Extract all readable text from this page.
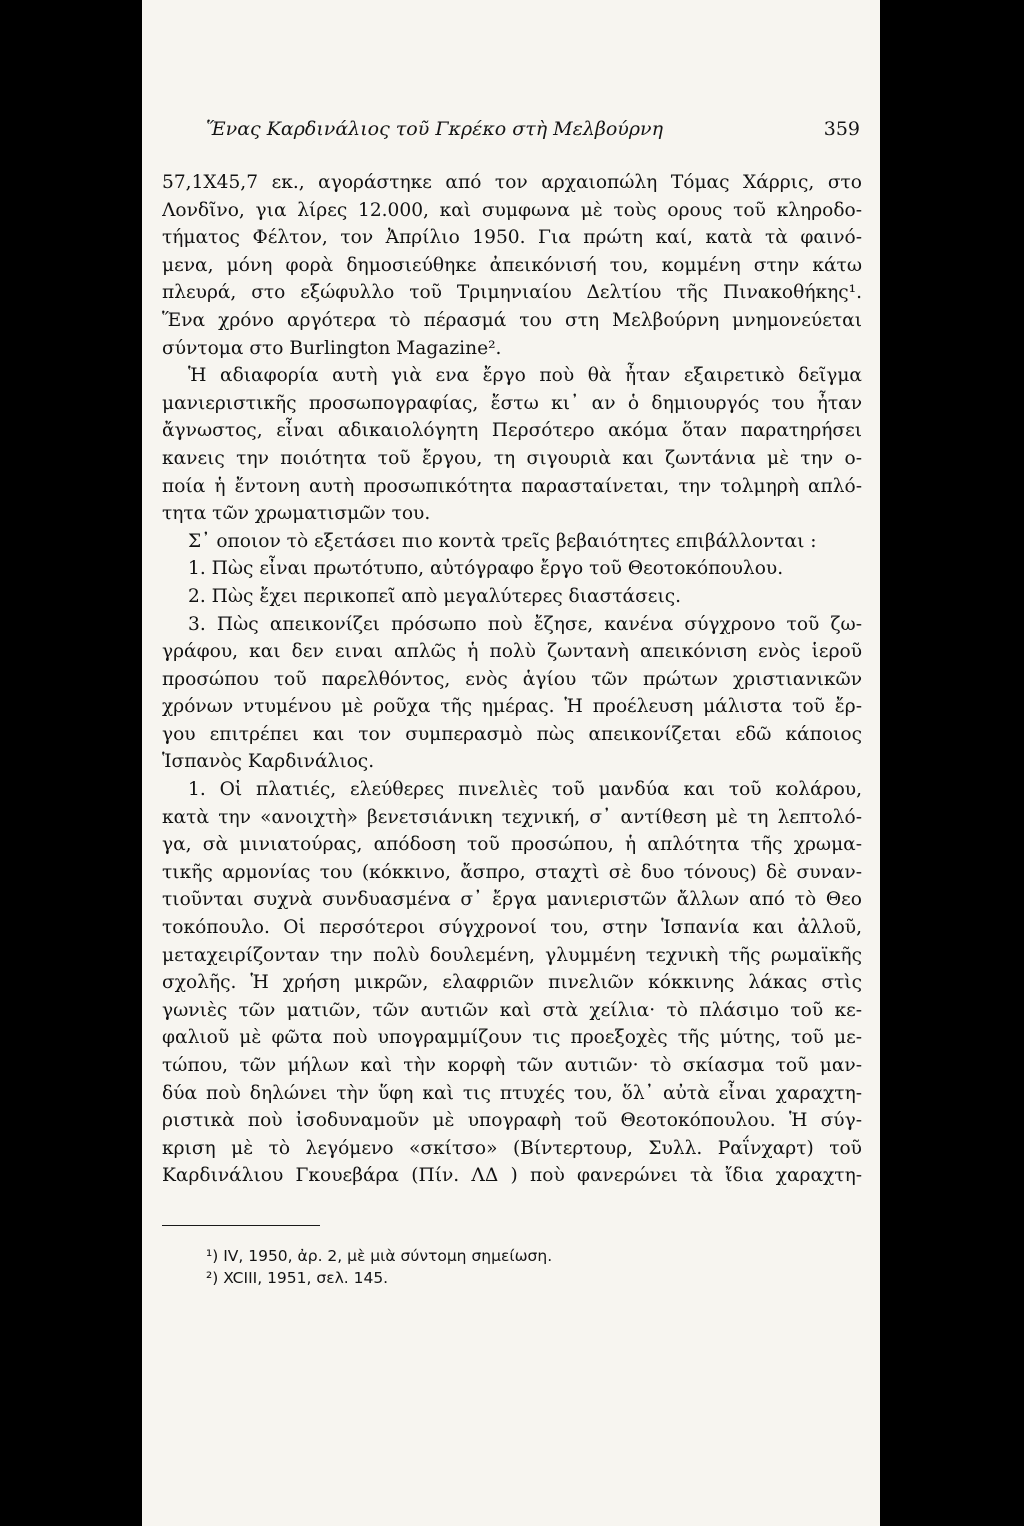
Ἕνας Καρδινάλιος τοῦ Γκρέκο στὴ Μελβούρνη	359
57,1X45,7 εκ., αγοράστηκε από τον αρχαιοπώλη Τόμας Χάρρις, στο
Λονδῖνο, για λίρες 12.000, καὶ συμφωνα μὲ τοὺς ορους τοῦ κληροδο-
τήματος Φέλτον, τον Ἀπρίλιο 1950. Για πρώτη καί, κατὰ τὰ φαινό-
μενα, μόνη φορὰ δημοσιεύθηκε ἀπεικόνισή του, κομμένη στην κάτω
πλευρά, στο εξώφυλλο τοῦ Τριμηνιαίου Δελτίου τῆς Πινακοθήκης¹.
Ἕνα χρόνο αργότερα τὸ πέρασμά του στη Μελβούρνη μνημονεύεται
σύντομα στο Burlington Magazine².
Ἡ αδιαφορία αυτὴ γιὰ ενα ἔργο ποὺ θὰ ἦταν εξαιρετικὸ δεῖγμα
μανιεριστικῆς προσωπογραφίας, ἔστω κι᾽ αν ὁ δημιουργός του ἦταν
ἄγνωστος, εἶναι αδικαιολόγητη Περσότερο ακόμα ὅταν παρατηρήσει
κανεις την ποιότητα τοῦ ἔργου, τη σιγουριὰ και ζωντάνια μὲ την ο-
ποία ἡ ἔντονη αυτὴ προσωπικότητα παρασταίνεται, την τολμηρὴ απλό-
τητα τῶν χρωματισμῶν του.
Σ᾽ οποιον τὸ εξετάσει πιο κοντὰ τρεῖς βεβαιότητες επιβάλλονται :
1. Πὼς εἶναι πρωτότυπο, αὐτόγραφο ἔργο τοῦ Θεοτοκόπουλου.
2. Πὼς ἔχει περικοπεῖ απὸ μεγαλύτερες διαστάσεις.
3. Πὼς απεικονίζει πρόσωπο ποὺ ἔζησε, κανένα σύγχρονο τοῦ ζω-
γράφου, και δεν ειναι απλῶς ἡ πολὺ ζωντανὴ απεικόνιση ενὸς ἱεροῦ
προσώπου τοῦ παρελθόντος, ενὸς ἁγίου τῶν πρώτων χριστιανικῶν
χρόνων ντυμένου μὲ ροῦχα τῆς ημέρας. Ἡ προέλευση μάλιστα τοῦ ἔρ-
γου επιτρέπει και τον συμπερασμὸ πὼς απεικονίζεται εδῶ κάποιος
Ἱσπανὸς Καρδινάλιος.
1. Οἱ πλατιές, ελεύθερες πινελιὲς τοῦ μανδύα και τοῦ κολάρου,
κατὰ την «ανοιχτὴ» βενετσιάνικη τεχνική, σ᾽ αντίθεση μὲ τη λεπτολό-
γα, σὰ μινιατούρας, απόδοση τοῦ προσώπου, ἡ απλότητα τῆς χρωμα-
τικῆς αρμονίας του (κόκκινο, ἄσπρο, σταχτὶ σὲ δυο τόνους) δὲ συναν-
τιοῦνται συχνὰ συνδυασμένα σ᾽ ἔργα μανιεριστῶν ἄλλων από τὸ Θεο
τοκόπουλο. Οἱ περσότεροι σύγχρονοί του, στην Ἱσπανία και ἀλλοῦ,
μεταχειρίζονταν την πολὺ δουλεμένη, γλυμμένη τεχνικὴ τῆς ρωμαϊκῆς
σχολῆς. Ἡ χρήση μικρῶν, ελαφριῶν πινελιῶν κόκκινης λάκας στὶς
γωνιὲς τῶν ματιῶν, τῶν αυτιῶν καὶ στὰ χείλια· τὸ πλάσιμο τοῦ κε-
φαλιοῦ μὲ φῶτα ποὺ υπογραμμίζουν τις προεξοχὲς τῆς μύτης, τοῦ με-
τώπου, τῶν μήλων καὶ τὴν κορφὴ τῶν αυτιῶν· τὸ σκίασμα τοῦ μαν-
δύα ποὺ δηλώνει τὴν ὕφη καὶ τις πτυχές του, ὅλ᾽ αὐτὰ εἶναι χαραχτη-
ριστικὰ ποὺ ἰσοδυναμοῦν μὲ υπογραφὴ τοῦ Θεοτοκόπουλου. Ἡ σύγ-
κριση μὲ τὸ λεγόμενο «σκίτσο» (Βίντερτουρ, Συλλ. Ραΐνχαρτ) τοῦ
Καρδινάλιου Γκουεβάρα (Πίν. ΛΔ ) ποὺ φανερώνει τὰ ἴδια χαραχτη-
¹) IV, 1950, ἀρ. 2, μὲ μιὰ σύντομη σημείωση.
²) XCIII, 1951, σελ. 145.
